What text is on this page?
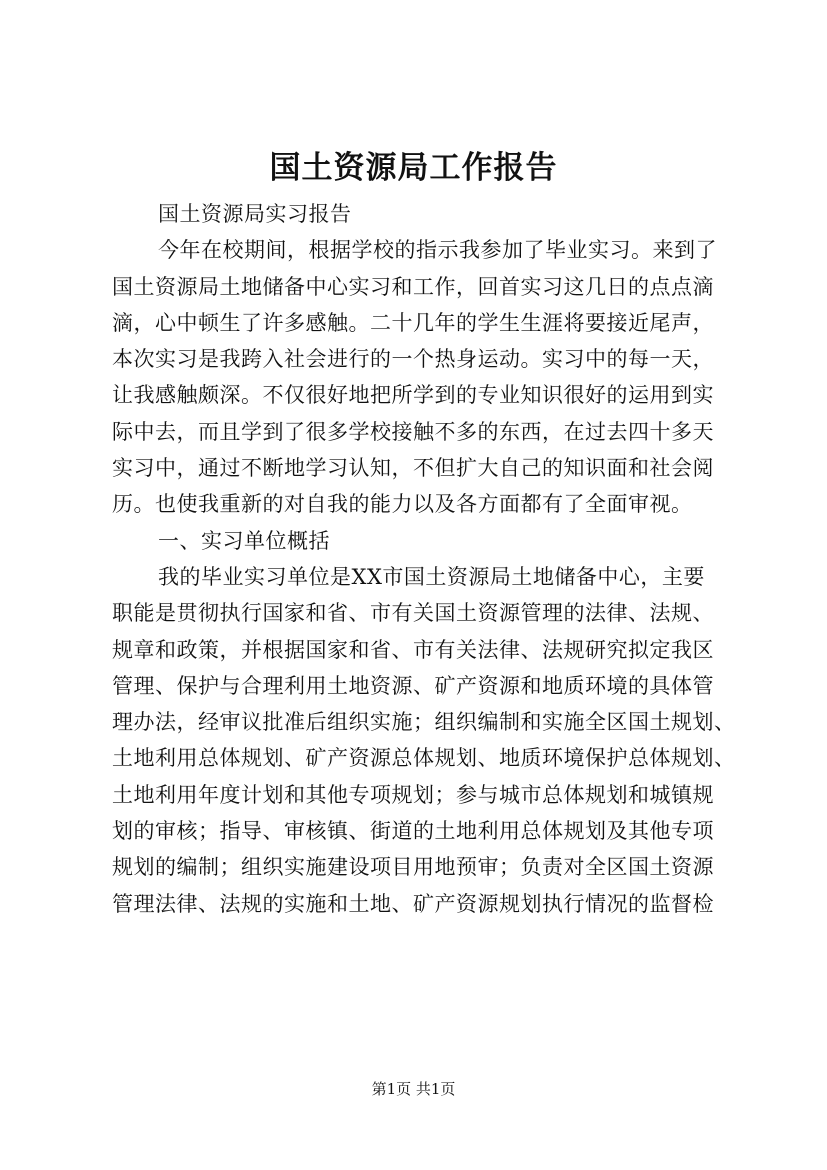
国土资源局工作报告
国土资源局实习报告
今年在校期间，根据学校的指示我参加了毕业实习。来到了
国土资源局土地储备中心实习和工作，回首实习这几日的点点滴
滴，心中顿生了许多感触。二十几年的学生生涯将要接近尾声，
本次实习是我跨入社会进行的一个热身运动。实习中的每一天，
让我感触颇深。不仅很好地把所学到的专业知识很好的运用到实
际中去，而且学到了很多学校接触不多的东西，在过去四十多天
实习中，通过不断地学习认知，不但扩大自己的知识面和社会阅
历。也使我重新的对自我的能力以及各方面都有了全面审视。
一、实习单位概括
我的毕业实习单位是XX市国土资源局土地储备中心，主要
职能是贯彻执行国家和省、市有关国土资源管理的法律、法规、
规章和政策，并根据国家和省、市有关法律、法规研究拟定我区
管理、保护与合理利用土地资源、矿产资源和地质环境的具体管
理办法，经审议批准后组织实施；组织编制和实施全区国土规划、
土地利用总体规划、矿产资源总体规划、地质环境保护总体规划、
土地利用年度计划和其他专项规划；参与城市总体规划和城镇规
划的审核；指导、审核镇、街道的土地利用总体规划及其他专项
规划的编制；组织实施建设项目用地预审；负责对全区国土资源
管理法律、法规的实施和土地、矿产资源规划执行情况的监督检
第1页 共1页
